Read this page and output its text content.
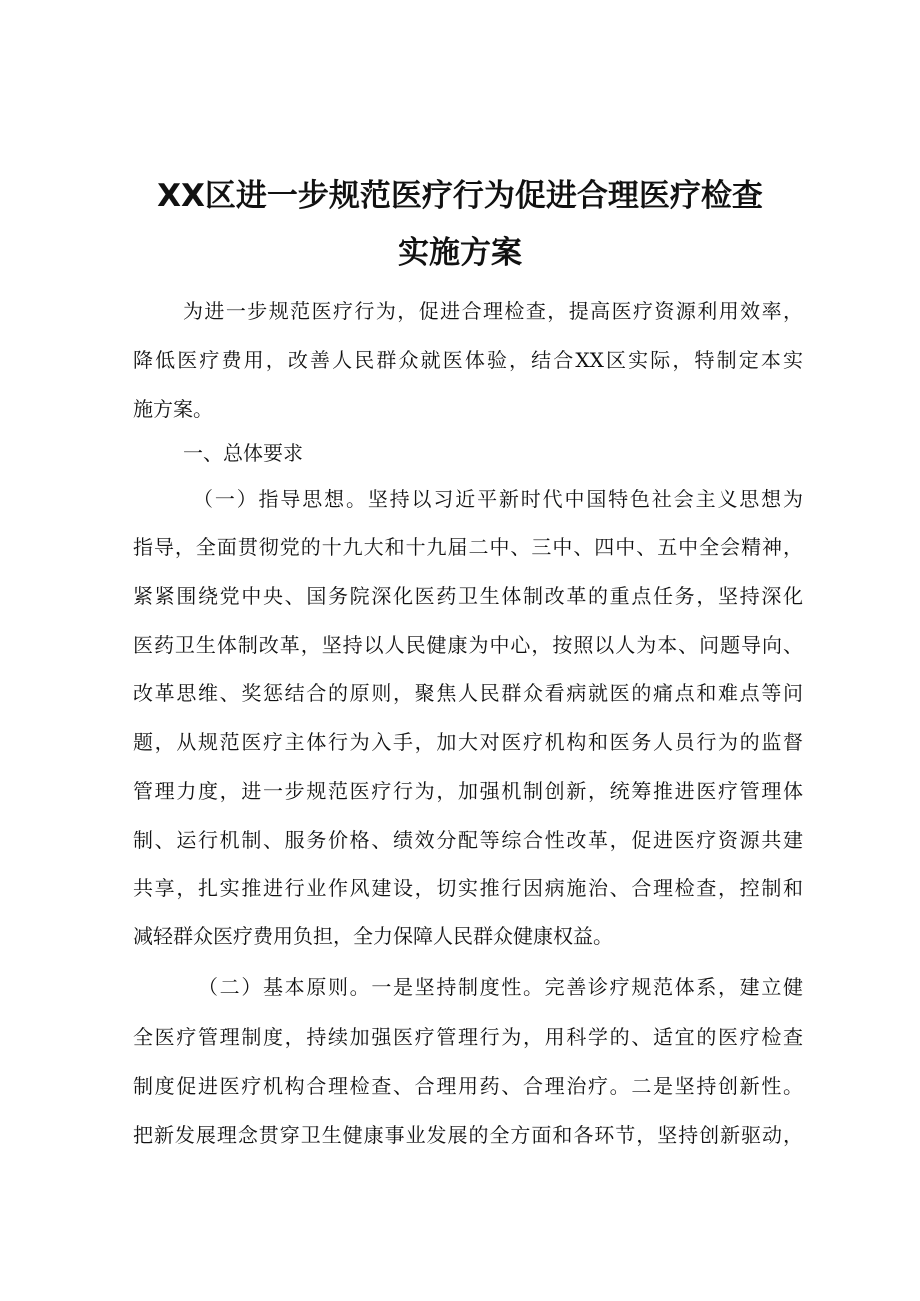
XX区进一步规范医疗行为促进合理医疗检查
实施方案
为进一步规范医疗行为，促进合理检查，提高医疗资源利用效率，
降低医疗费用，改善人民群众就医体验，结合XX区实际，特制定本实
施方案。
一、总体要求
（一）指导思想。坚持以习近平新时代中国特色社会主义思想为
指导，全面贯彻党的十九大和十九届二中、三中、四中、五中全会精神，
紧紧围绕党中央、国务院深化医药卫生体制改革的重点任务，坚持深化
医药卫生体制改革，坚持以人民健康为中心，按照以人为本、问题导向、
改革思维、奖惩结合的原则，聚焦人民群众看病就医的痛点和难点等问
题，从规范医疗主体行为入手，加大对医疗机构和医务人员行为的监督
管理力度，进一步规范医疗行为，加强机制创新，统筹推进医疗管理体
制、运行机制、服务价格、绩效分配等综合性改革，促进医疗资源共建
共享，扎实推进行业作风建设，切实推行因病施治、合理检查，控制和
减轻群众医疗费用负担，全力保障人民群众健康权益。
（二）基本原则。一是坚持制度性。完善诊疗规范体系，建立健
全医疗管理制度，持续加强医疗管理行为，用科学的、适宜的医疗检查
制度促进医疗机构合理检查、合理用药、合理治疗。二是坚持创新性。
把新发展理念贯穿卫生健康事业发展的全方面和各环节，坚持创新驱动，
